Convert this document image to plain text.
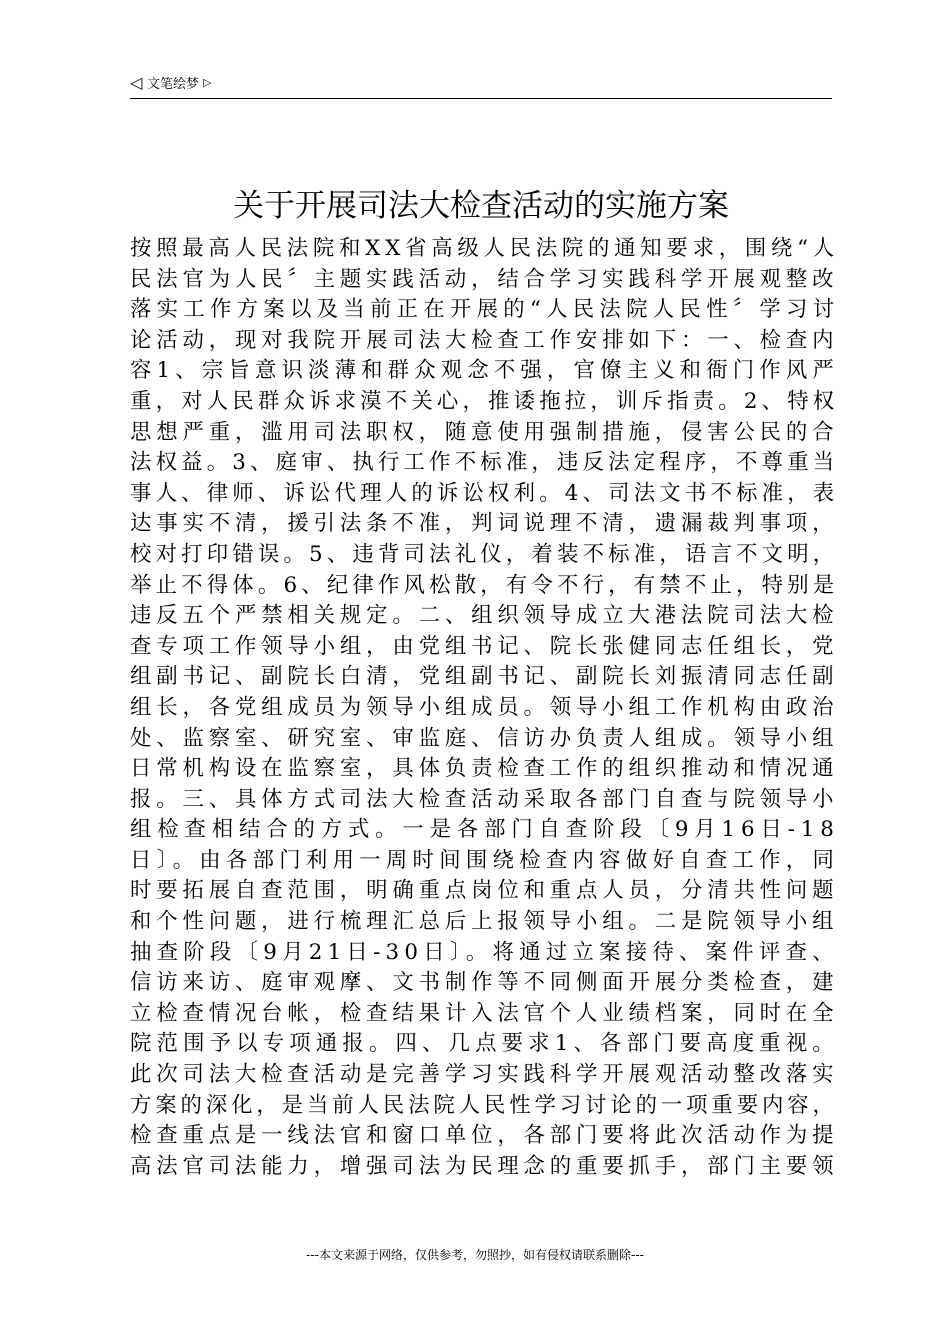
◁ 文笔绘梦 ▷
关于开展司法大检查活动的实施方案
按照最高人民法院和XX省高级人民法院的通知要求，围绕“人
民法官为人民〞主题实践活动，结合学习实践科学开展观整改
落实工作方案以及当前正在开展的“人民法院人民性〞学习讨
论活动，现对我院开展司法大检查工作安排如下：一、检查内
容1、宗旨意识淡薄和群众观念不强，官僚主义和衙门作风严
重，对人民群众诉求漠不关心，推诿拖拉，训斥指责。2、特权
思想严重，滥用司法职权，随意使用强制措施，侵害公民的合
法权益。3、庭审、执行工作不标准，违反法定程序，不尊重当
事人、律师、诉讼代理人的诉讼权利。4、司法文书不标准，表
达事实不清，援引法条不准，判词说理不清，遗漏裁判事项，
校对打印错误。5、违背司法礼仪，着装不标准，语言不文明，
举止不得体。6、纪律作风松散，有令不行，有禁不止，特别是
违反五个严禁相关规定。二、组织领导成立大港法院司法大检
查专项工作领导小组，由党组书记、院长张健同志任组长，党
组副书记、副院长白清，党组副书记、副院长刘振清同志任副
组长，各党组成员为领导小组成员。领导小组工作机构由政治
处、监察室、研究室、审监庭、信访办负责人组成。领导小组
日常机构设在监察室，具体负责检查工作的组织推动和情况通
报。三、具体方式司法大检查活动采取各部门自查与院领导小
组检查相结合的方式。一是各部门自查阶段〔9月16日-18
日〕。由各部门利用一周时间围绕检查内容做好自查工作，同
时要拓展自查范围，明确重点岗位和重点人员，分清共性问题
和个性问题，进行梳理汇总后上报领导小组。二是院领导小组
抽查阶段〔9月21日-30日〕。将通过立案接待、案件评查、
信访来访、庭审观摩、文书制作等不同侧面开展分类检查，建
立检查情况台帐，检查结果计入法官个人业绩档案，同时在全
院范围予以专项通报。四、几点要求1、各部门要高度重视。
此次司法大检查活动是完善学习实践科学开展观活动整改落实
方案的深化，是当前人民法院人民性学习讨论的一项重要内容，
检查重点是一线法官和窗口单位，各部门要将此次活动作为提
高法官司法能力，增强司法为民理念的重要抓手，部门主要领
---本文来源于网络，仅供参考，勿照抄，如有侵权请联系删除---
